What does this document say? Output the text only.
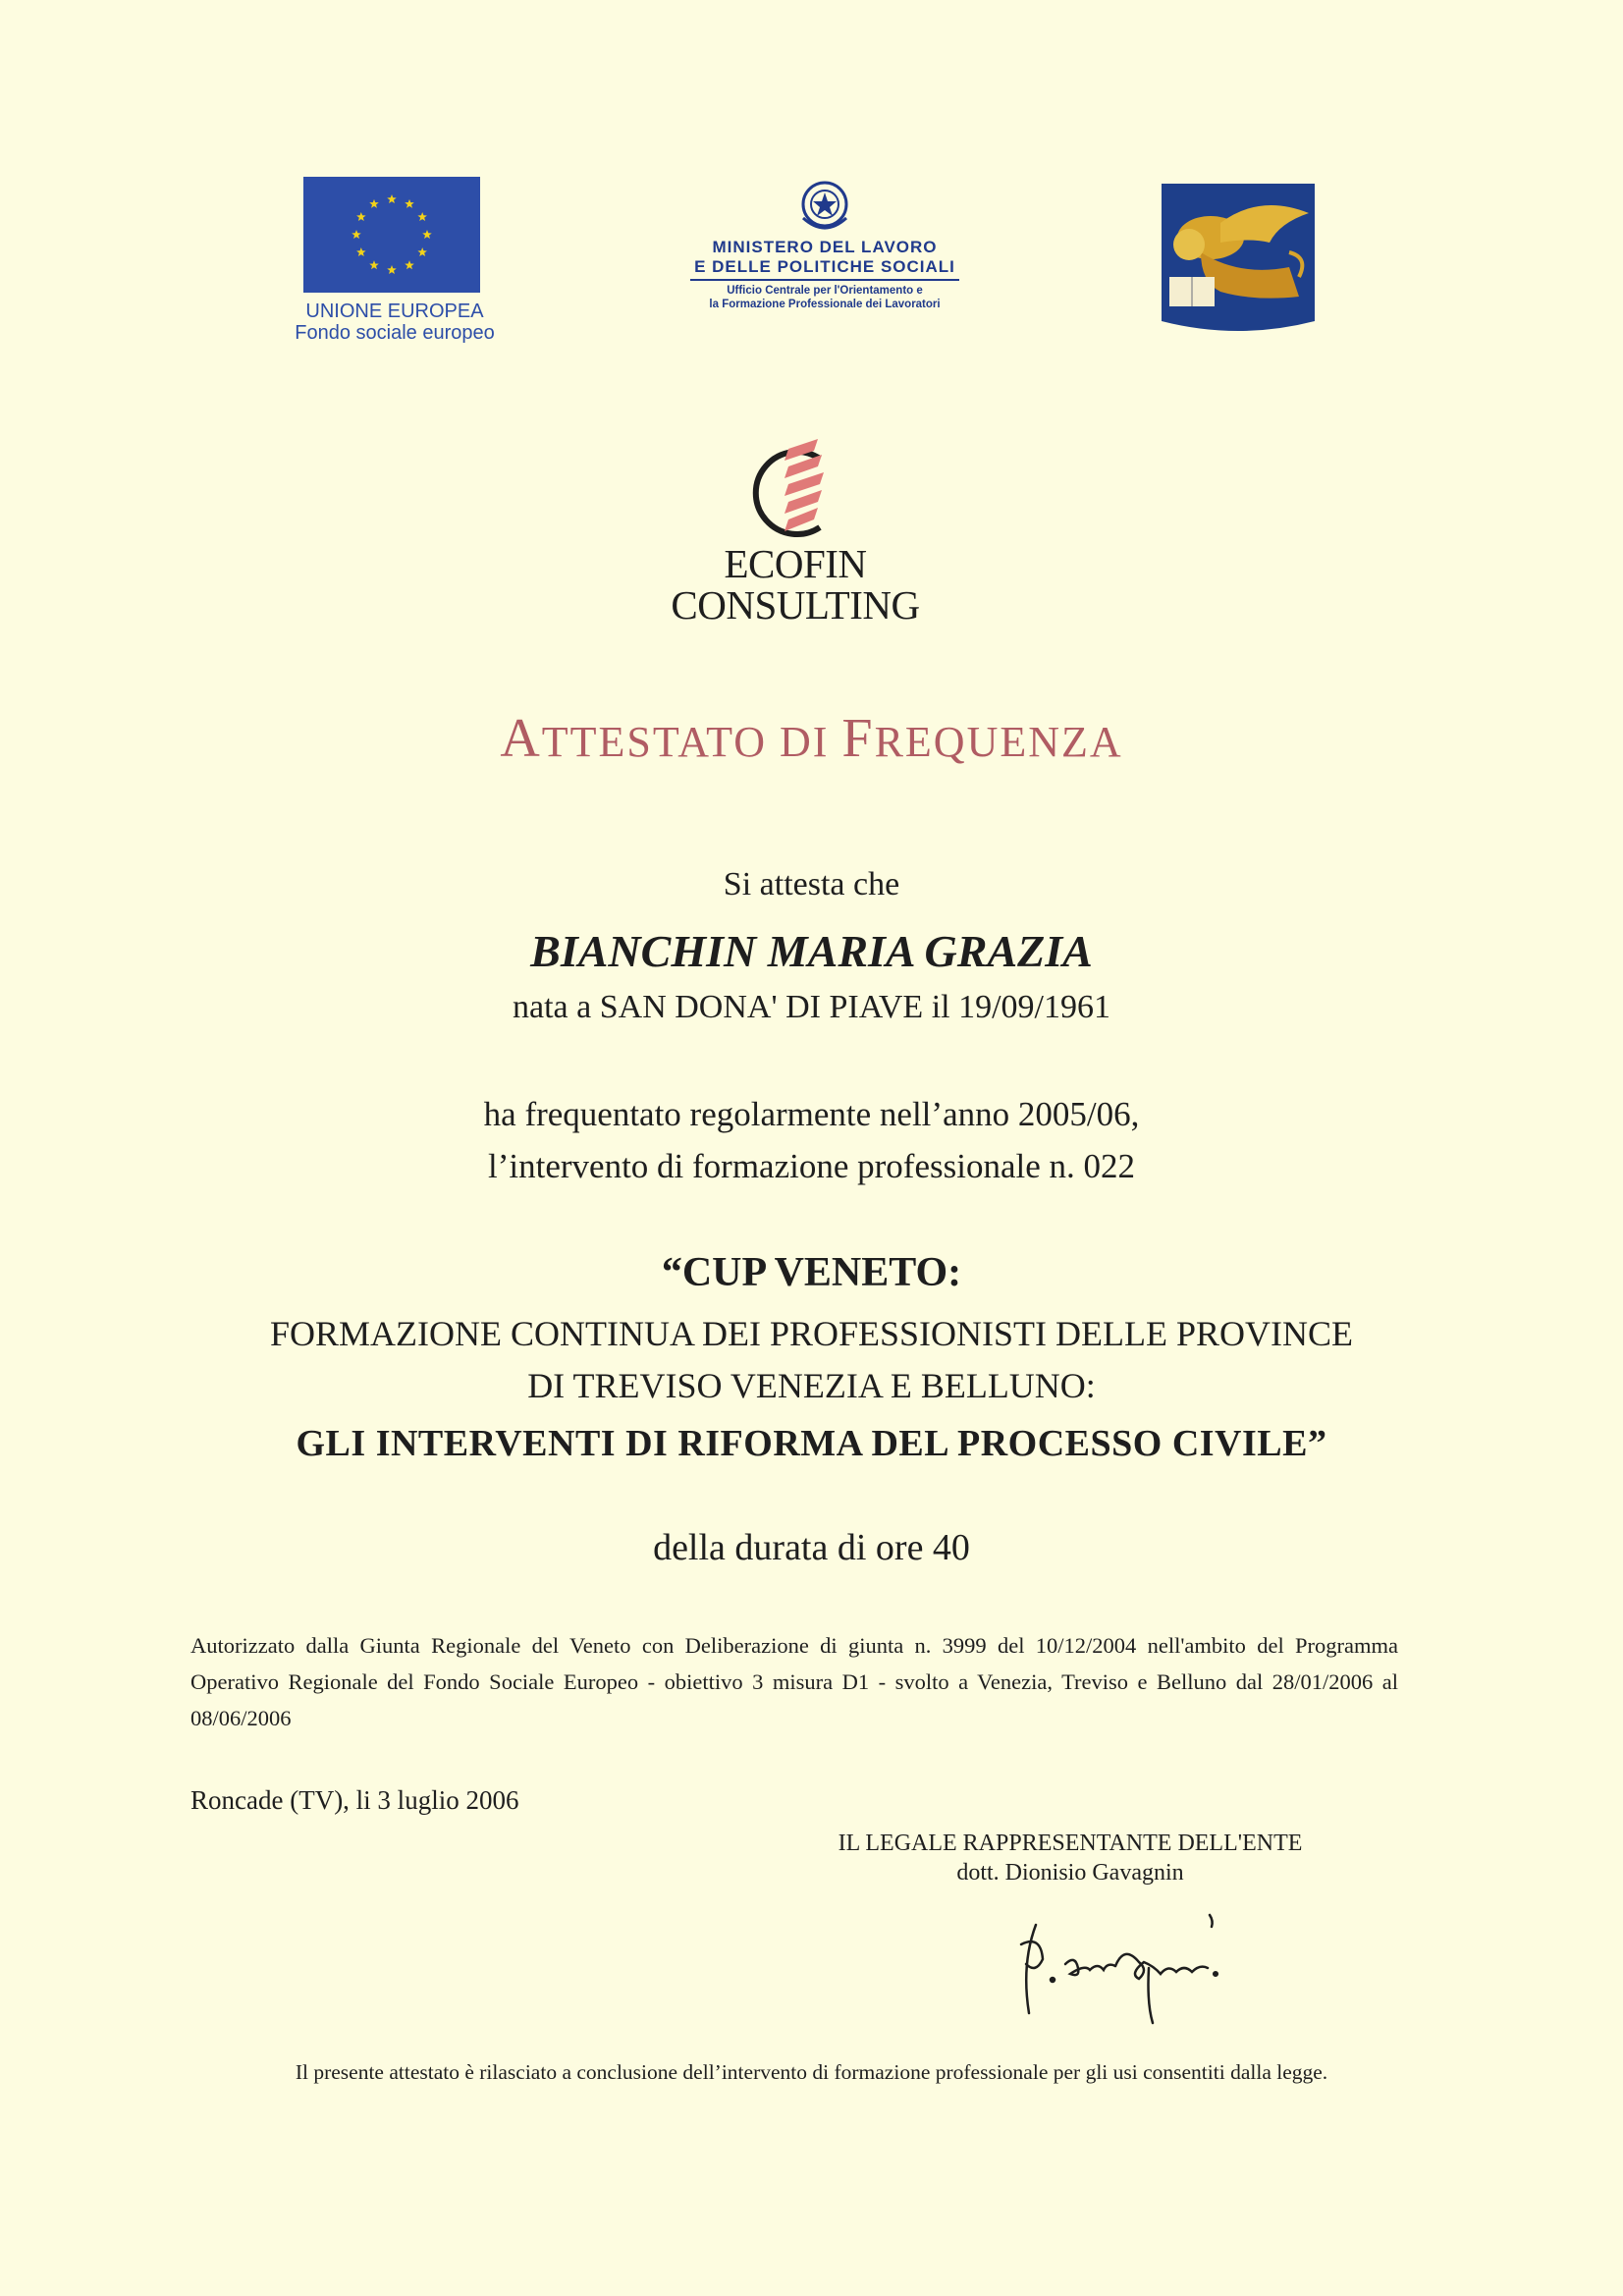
UNIONE EUROPEA
Fondo sociale europeo
MINISTERO DEL LAVORO
E DELLE POLITICHE SOCIALI
Ufficio Centrale per l'Orientamento e
la Formazione Professionale dei Lavoratori
ECOFIN
CONSULTING
ATTESTATO DI FREQUENZA
Si attesta che
BIANCHIN MARIA GRAZIA
nata a SAN DONA' DI PIAVE il 19/09/1961
ha frequentato regolarmente nell’anno 2005/06,
l’intervento di formazione professionale n. 022
“CUP VENETO:
FORMAZIONE CONTINUA DEI PROFESSIONISTI DELLE PROVINCE
DI TREVISO VENEZIA E BELLUNO:
GLI INTERVENTI DI RIFORMA DEL PROCESSO CIVILE”
della durata di ore 40
Autorizzato dalla Giunta Regionale del Veneto con Deliberazione di giunta n. 3999 del 10/12/2004 nell'ambito del Programma Operativo Regionale del Fondo Sociale Europeo - obiettivo 3 misura D1 - svolto a Venezia, Treviso e Belluno dal 28/01/2006 al 08/06/2006
Roncade (TV), li 3 luglio 2006
IL LEGALE RAPPRESENTANTE DELL'ENTE
dott. Dionisio Gavagnin
Il presente attestato è rilasciato a conclusione dell’intervento di formazione professionale per gli usi consentiti dalla legge.
